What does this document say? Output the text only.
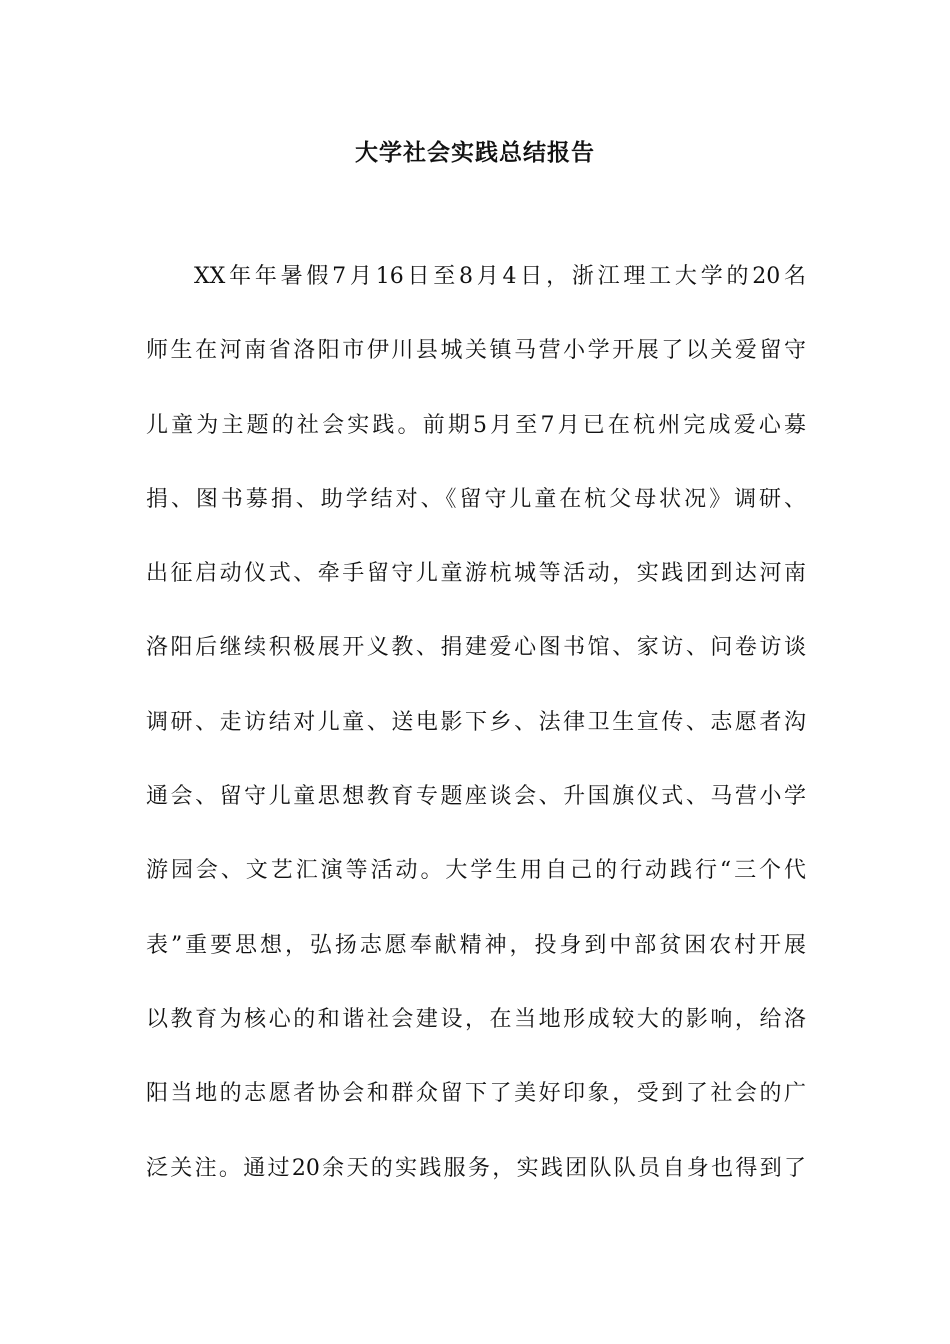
大学社会实践总结报告
XX年年暑假7月16日至8月4日，浙江理工大学的20名
师生在河南省洛阳市伊川县城关镇马营小学开展了以关爱留守
儿童为主题的社会实践。前期5月至7月已在杭州完成爱心募
捐、图书募捐、助学结对、《留守儿童在杭父母状况》调研、
出征启动仪式、牵手留守儿童游杭城等活动，实践团到达河南
洛阳后继续积极展开义教、捐建爱心图书馆、家访、问卷访谈
调研、走访结对儿童、送电影下乡、法律卫生宣传、志愿者沟
通会、留守儿童思想教育专题座谈会、升国旗仪式、马营小学
游园会、文艺汇演等活动。大学生用自己的行动践行“三个代
表”重要思想，弘扬志愿奉献精神，投身到中部贫困农村开展
以教育为核心的和谐社会建设，在当地形成较大的影响，给洛
阳当地的志愿者协会和群众留下了美好印象，受到了社会的广
泛关注。通过20余天的实践服务，实践团队队员自身也得到了
